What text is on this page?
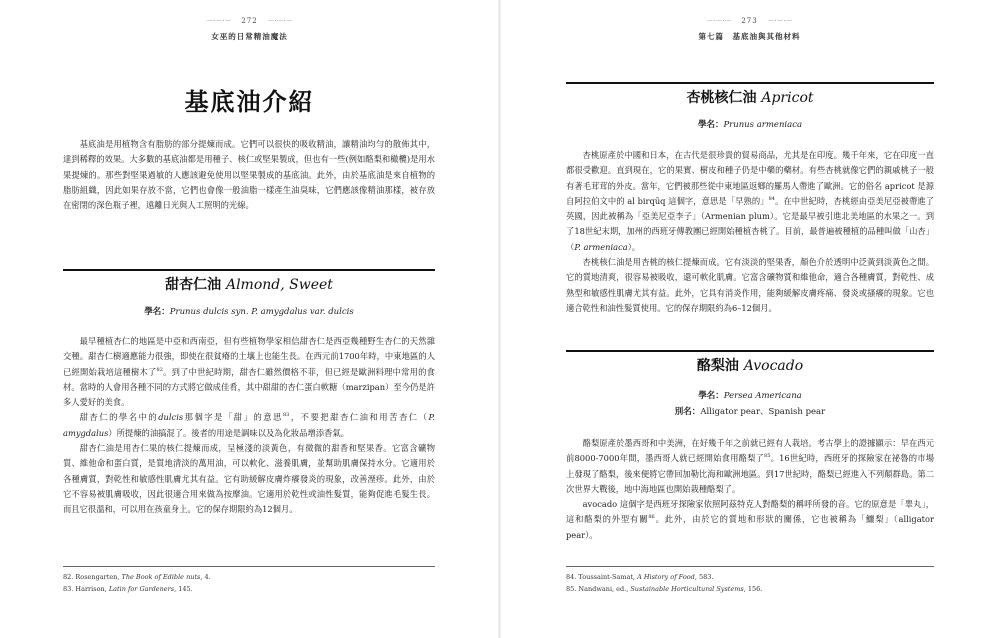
－·－·－ 272 －·－·－
女巫的日常精油魔法
基底油介紹

基底油是用植物含有脂肪的部分提煉而成。它們可以很快的吸收精油，讓精油均勻的散佈其中，達到稀釋的效果。大多數的基底油都是用種子、核仁或堅果製成，但也有一些(例如酪梨和橄欖)是用水果提煉的。那些對堅果過敏的人應該避免使用以堅果製成的基底油。此外，由於基底油是來自植物的脂肪組織，因此如果存放不當，它們也會像一般油脂一樣產生油臭味，它們應該像精油那樣，被存放在密閉的深色瓶子裡，遠離日光與人工照明的光線。

甜杏仁油 Almond, Sweet
學名：Prunus dulcis syn. P. amygdalus var. dulcis

最早種植杏仁的地區是中亞和西南亞，但有些植物學家相信甜杏仁是西亞幾種野生杏仁的天然雜交種。甜杏仁樹適應能力很強，即使在很貧瘠的土壤上也能生長。在西元前1700年時，中東地區的人已經開始栽培這種樹木了$^{82}$。到了中世紀時期，甜杏仁雖然價格不菲，但已經是歐洲料理中常用的食材。當時的人會用各種不同的方式將它做成佳肴，其中甜甜的杏仁蛋白軟糖（marzipan）至今仍是許多人愛好的美食。

甜杏仁的學名中的dulcis那個字是「甜」的意思$^{83}$，不要把甜杏仁油和用苦杏仁（P. amygdalus）所提煉的油搞混了。後者的用途是調味以及為化妝品增添香氣。

甜杏仁油是用杏仁果的核仁提煉而成，呈極淺的淡黃色，有微微的甜香和堅果香。它富含礦物質、維他命和蛋白質，是質地清淡的萬用油，可以軟化、滋養肌膚，並幫助肌膚保持水分。它適用於各種膚質，對乾性和敏感性肌膚尤其有益。它有助緩解皮膚炸癢發炎的現象，改善溼疹。此外，由於它不容易被肌膚吸收，因此很適合用來做為按摩油。它適用於乾性或油性髮質，能夠促進毛髮生長。而且它很溫和，可以用在孩童身上。它的保存期限約為12個月。

82. Rosengarten, The Book of Edible nuts, 4.
83. Harrison, Latin for Gardeners, 145.
－·－·－ 273 －·－·－
第七篇　基底油與其他材料
杏桃核仁油 Apricot
學名：Prunus armeniaca

杏桃原產於中國和日本，在古代是很珍貴的貿易商品，尤其是在印度。幾千年來，它在印度一直都很受歡迎。直到現在，它的果實、樹皮和種子仍是中藥的藥材。有些杏桃就像它們的親戚桃子一般有著毛茸茸的外皮。當年，它們被那些從中東地區返鄉的羅馬人帶進了歐洲。它的俗名 apricot 是源自阿拉伯文中的 al birqūq 這個字，意思是「早熟的」$^{84}$。在中世紀時，杏桃經由亞美尼亞被帶進了英國，因此被稱為「亞美尼亞李子」（Armenian plum）。它是最早被引進北美地區的水果之一。到了18世紀末期，加州的西班牙傳教團已經開始種植杏桃了。目前，最普遍被種植的品種叫做「山杏」（P. armeniaca）。

杏桃核仁油是用杏桃的核仁提煉而成。它有淡淡的堅果香，顏色介於透明中泛黃到淡黃色之間。它的質地清爽，很容易被吸收，還可軟化肌膚。它富含礦物質和維他命，適合各種膚質，對乾性、成熟型和敏感性肌膚尤其有益。此外，它具有消炎作用，能夠緩解皮膚疼痛、發炎或搔癢的現象。它也適合乾性和油性髮質使用。它的保存期限約為6–12個月。

酪梨油 Avocado
學名：Persea Americana
別名：Alligator pear、Spanish pear

酪梨原產於墨西哥和中美洲，在好幾千年之前就已經有人栽培。考古學上的證據顯示：早在西元前8000-7000年間，墨西哥人就已經開始食用酪梨了$^{85}$。16世紀時，西班牙的探險家在祕魯的市場上發現了酪梨，後來便將它帶回加勒比海和歐洲地區。到17世紀時，酪梨已經進入不列顛群島。第二次世界大戰後，地中海地區也開始栽種酪梨了。

avocado 這個字是西班牙探險家依照阿茲特克人對酪梨的稱呼所發的音。它的原意是「睾丸」，這和酪梨的外型有關$^{86}$。此外，由於它的質地和形狀的關係，它也被稱為「鱷梨」（alligator pear）。

84. Toussaint-Samat, A History of Food, 583.
85. Nandwani, ed., Sustainable Horticultural Systems, 156.
